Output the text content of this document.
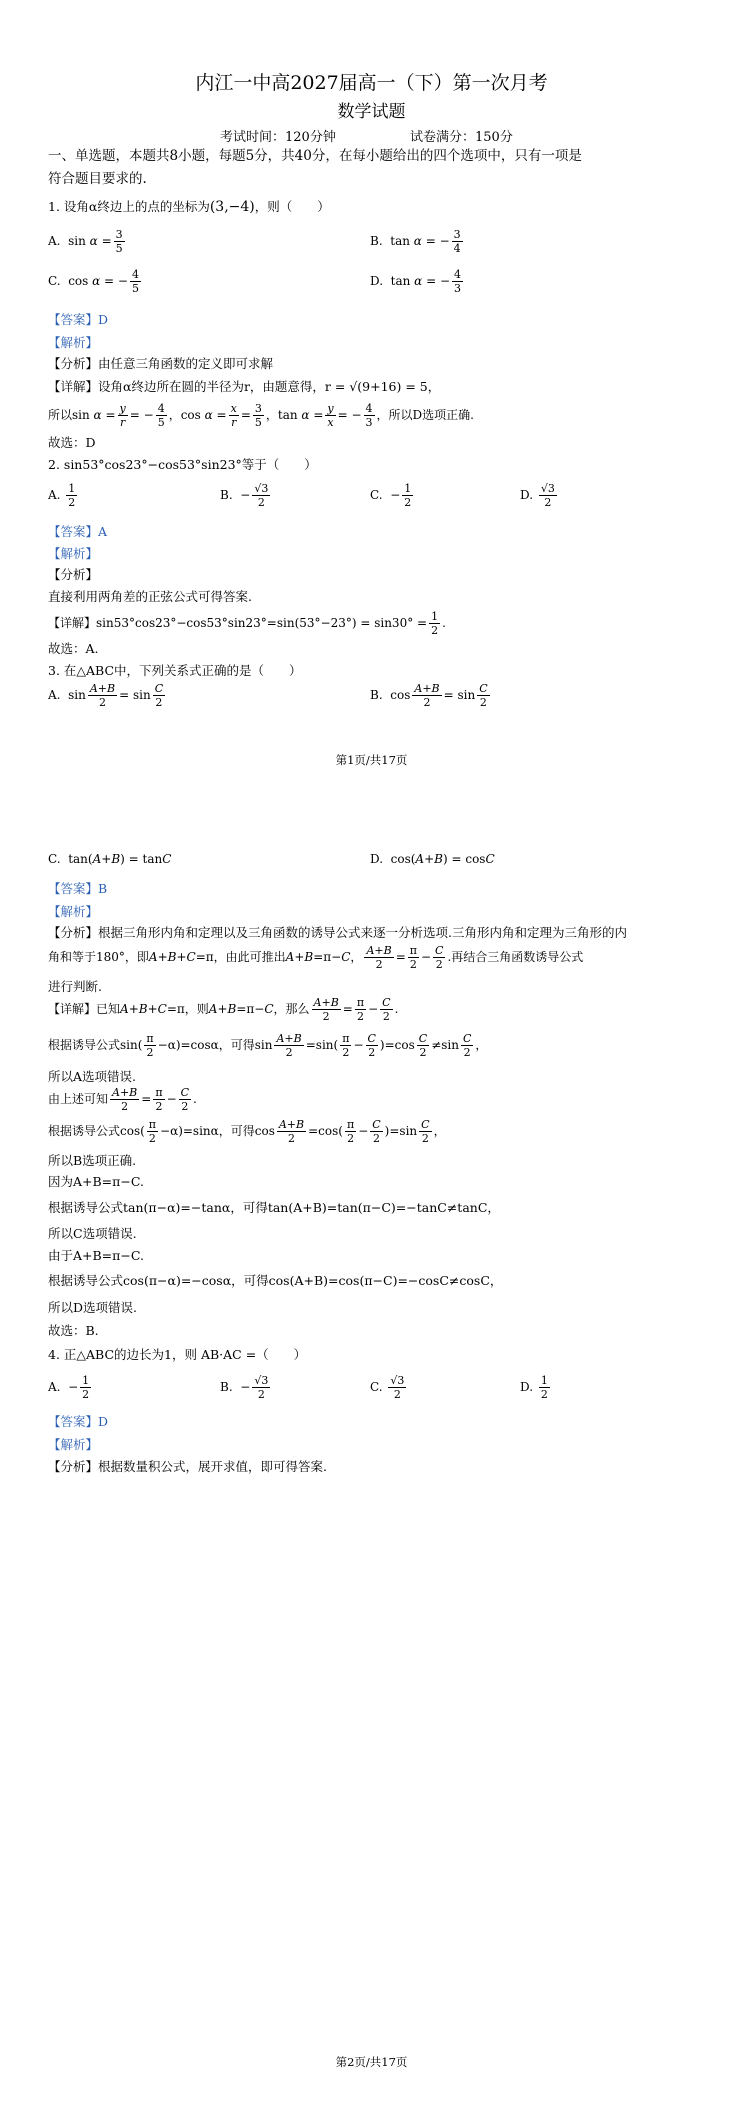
内江一中高2027届高一（下）第一次月考
数学试题
考试时间：120分钟	试卷满分：150分
一、单选题，本题共8小题，每题5分，共40分，在每小题给出的四个选项中，只有一项是
符合题目要求的.
1. 设角α终边上的点的坐标为(3,−4)，则（　　）
A.  $\sin \alpha = \frac{3}{5}$	B.  tan α = − $\frac{3}{4}$
C.  cos α = − $\frac{4}{5}$	D.  tan α = − $\frac{4}{3}$
【答案】D
【解析】
【分析】由任意三角函数的定义即可求解
【详解】设角α终边所在圆的半径为r，由题意得，r = √(9+16) = 5，
所以$\sin \alpha = \frac{y}{r}$ = − $\frac{4}{5}$ ，$\cos \alpha = \frac{x}{r} = \frac{3}{5}$ ，$\tan \alpha = \frac{y}{x}$ = − $\frac{4}{3}$ ，所以D选项正确.
故选：D
2. sin53°cos23°−cos53°sin23°等于（　　）
A. $\frac{1}{2}$	B.  − $\frac{√3}{2}$	C.  − $\frac{1}{2}$	D. $\frac{√3}{2}$
【答案】A
【解析】
【分析】
直接利用两角差的正弦公式可得答案.
【详解】$\sin 53^\circ\cos 23^\circ-\cos 53^\circ\sin 23^\circ=\sin(53^\circ-23^\circ) = \sin 30^\circ = \frac{1}{2}$ .
故选：A.
3. 在△ABC中，下列关系式正确的是（　　）
A.  $\sin \frac{A+B}{2} = \sin \frac{C}{2}$	B.  $\cos \frac{A+B}{2} = \sin \frac{C}{2}$
第1页/共17页
C.  tan(A+B) = tanC	D.  cos(A+B) = cosC
【答案】B
【解析】
【分析】根据三角形内角和定理以及三角函数的诱导公式来逐一分析选项.三角形内角和定理为三角形的内
角和等于180°，即A+B+C=π，由此可推出A+B=π−C， $\frac{A+B}{2} = \frac{\pi}{2} - \frac{C}{2}$ .再结合三角函数诱导公式
进行判断.
【详解】已知A+B+C=π，则A+B=π−C，那么 $\frac{A+B}{2} = \frac{\pi}{2} - \frac{C}{2}$ .
根据诱导公式$\sin( \frac{\pi}{2} -\alpha)=\cos\alpha$，可得$\sin \frac{A+B}{2} =\sin( \frac{\pi}{2} - \frac{C}{2} )=\cos \frac{C}{2} \ne\sin \frac{C}{2}$ ，
所以A选项错误.
由上述可知 $\frac{A+B}{2} = \frac{\pi}{2} - \frac{C}{2}$ .
根据诱导公式$\cos( \frac{\pi}{2} -\alpha)=\sin\alpha$，可得$\cos \frac{A+B}{2} =\cos( \frac{\pi}{2} - \frac{C}{2} )=\sin \frac{C}{2}$ ，
所以B选项正确.
因为A+B=π−C.
根据诱导公式tan(π−α)=−tanα，可得tan(A+B)=tan(π−C)=−tanC≠tanC，
所以C选项错误.
由于A+B=π−C.
根据诱导公式cos(π−α)=−cosα，可得cos(A+B)=cos(π−C)=−cosC≠cosC，
所以D选项错误.
故选：B.
4. 正△ABC的边长为1，则 AB·AC =（　　）
A.  − $\frac{1}{2}$	B.  − $\frac{√3}{2}$	C. $\frac{√3}{2}$	D. $\frac{1}{2}$
【答案】D
【解析】
【分析】根据数量积公式，展开求值，即可得答案.
第2页/共17页
